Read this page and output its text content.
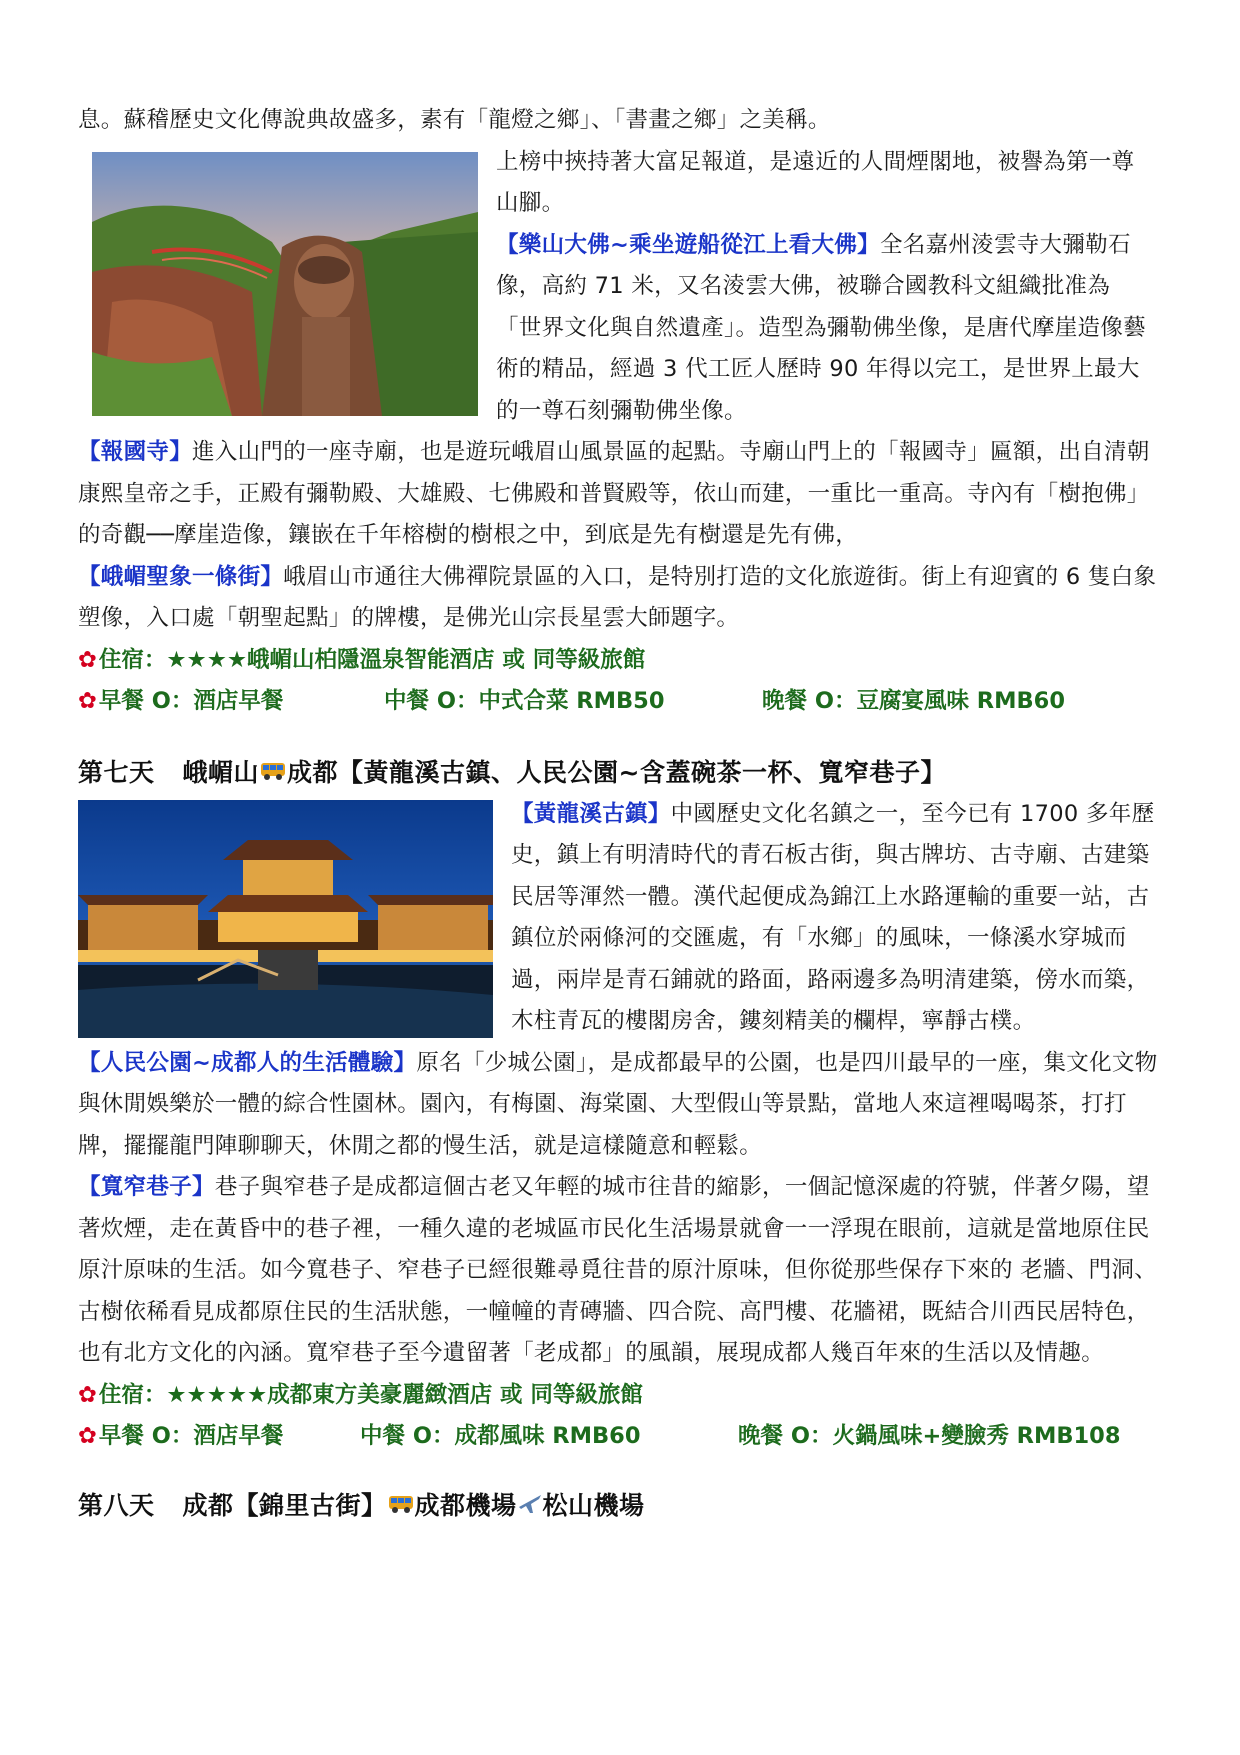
息。蘇稽歷史文化傳說典故盛多，素有「龍燈之鄉」、「書畫之鄉」之美稱。

上榜中挾持著大富足報道，是遠近的人間煙閣地，被譽為第一尊山腳。

【樂山大佛~乘坐遊船從江上看大佛】全名嘉州淩雲寺大彌勒石像，高約 71 米，又名淩雲大佛，被聯合國教科文組織批准為「世界文化與自然遺產」。造型為彌勒佛坐像，是唐代摩崖造像藝術的精品，經過 3 代工匠人歷時 90 年得以完工，是世界上最大的一尊石刻彌勒佛坐像。

【報國寺】進入山門的一座寺廟，也是遊玩峨眉山風景區的起點。寺廟山門上的「報國寺」匾額，出自清朝康熙皇帝之手，正殿有彌勒殿、大雄殿、七佛殿和普賢殿等，依山而建，一重比一重高。寺內有「樹抱佛」的奇觀──摩崖造像，鑲嵌在千年榕樹的樹根之中，到底是先有樹還是先有佛，

【峨嵋聖象一條街】峨眉山市通往大佛禪院景區的入口，是特別打造的文化旅遊街。街上有迎賓的 6 隻白象塑像，入口處「朝聖起點」的牌樓，是佛光山宗長星雲大師題字。

✿住宿：★★★★峨嵋山柏隱溫泉智能酒店 或 同等級旅館

✿早餐 O：酒店早餐	中餐 O：中式合菜 RMB50	晚餐 O：豆腐宴風味 RMB60

第七天 峨嵋山 成都【黃龍溪古鎮、人民公園~含蓋碗茶一杯、寬窄巷子】

【黃龍溪古鎮】中國歷史文化名鎮之一，至今已有 1700 多年歷史，鎮上有明清時代的青石板古街，與古牌坊、古寺廟、古建築民居等渾然一體。漢代起便成為錦江上水路運輸的重要一站，古鎮位於兩條河的交匯處，有「水鄉」的風味，一條溪水穿城而過，兩岸是青石鋪就的路面，路兩邊多為明清建築，傍水而築，木柱青瓦的樓閣房舍，鏤刻精美的欄桿，寧靜古樸。

【人民公園~成都人的生活體驗】原名「少城公園」，是成都最早的公園，也是四川最早的一座，集文化文物與休閒娛樂於一體的綜合性園林。園內，有梅園、海棠園、大型假山等景點，當地人來這裡喝喝茶，打打牌，擺擺龍門陣聊聊天，休閒之都的慢生活，就是這樣隨意和輕鬆。

【寬窄巷子】巷子與窄巷子是成都這個古老又年輕的城市往昔的縮影，一個記憶深處的符號，伴著夕陽，望著炊煙，走在黃昏中的巷子裡，一種久違的老城區市民化生活場景就會一一浮現在眼前，這就是當地原住民原汁原味的生活。如今寬巷子、窄巷子已經很難尋覓往昔的原汁原味，但你從那些保存下來的 老牆、門洞、古樹依稀看見成都原住民的生活狀態，一幢幢的青磚牆、四合院、高門樓、花牆裙，既結合川西民居特色，也有北方文化的內涵。寬窄巷子至今遺留著「老成都」的風韻，展現成都人幾百年來的生活以及情趣。

✿住宿：★★★★★成都東方美豪麗緻酒店 或 同等級旅館

✿早餐 O：酒店早餐	中餐 O：成都風味 RMB60	晚餐 O：火鍋風味+變臉秀 RMB108

第八天 成都【錦里古街】 成都機場 松山機場
